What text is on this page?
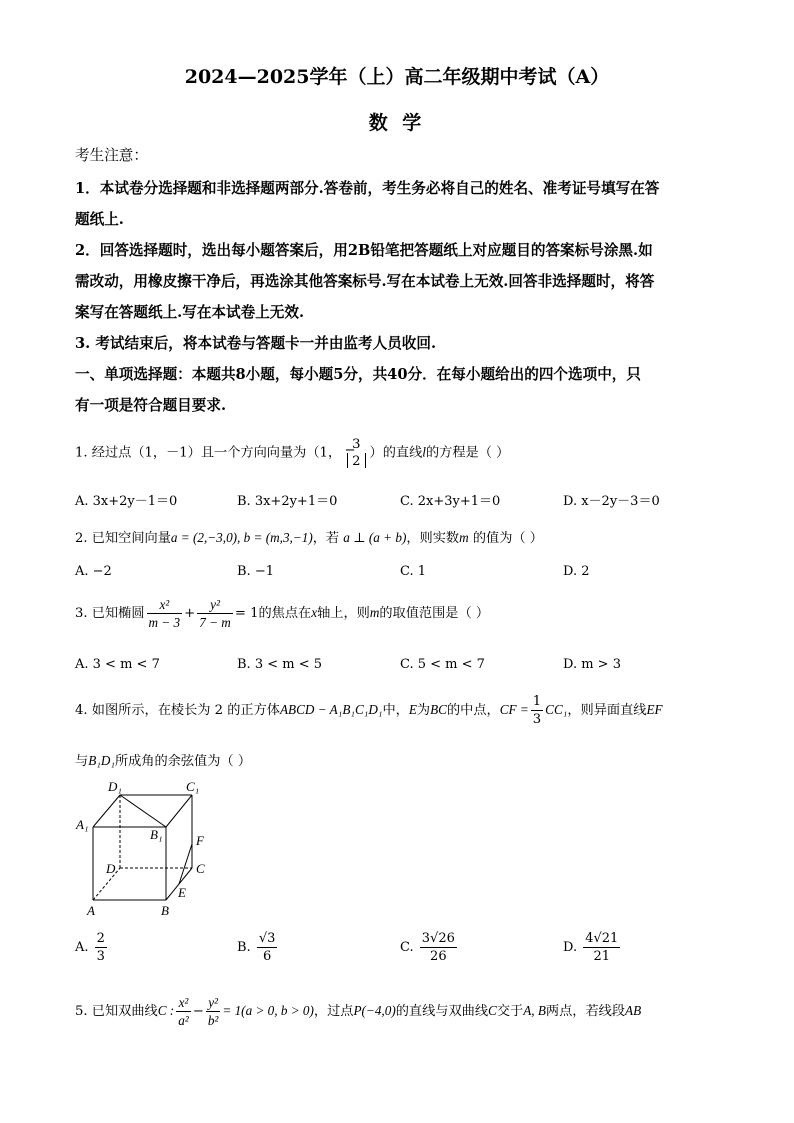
2024—2025学年（上）高二年级期中考试（A）
数 学
考生注意：
1．本试卷分选择题和非选择题两部分.答卷前，考生务必将自己的姓名、准考证号填写在答
题纸上.
2．回答选择题时，选出每小题答案后，用2B铅笔把答题纸上对应题目的答案标号涂黑.如
需改动，用橡皮擦干净后，再选涂其他答案标号.写在本试卷上无效.回答非选择题时，将答
案写在答题纸上.写在本试卷上无效.
3. 考试结束后，将本试卷与答题卡一并由监考人员收回.
一、单项选择题：本题共8小题，每小题5分，共40分．在每小题给出的四个选项中，只
有一项是符合题目要求.
1. 经过点（1，－1）且一个方向向量为（1， −
3
2
）的直线l的方程是（ ）
A. 3x+2y－1＝0	B. 3x+2y+1＝0	C. 2x+3y+1＝0	D. x－2y－3＝0
2. 已知空间向量a = (2,−3,0), b = (m,3,−1)，若 a ⊥ (a + b)，则实数m 的值为（ ）
A. −2	B. −1	C. 1	D. 2
3. 已知椭圆 $\frac{\text{x²}}{m - 3} + \frac{\text{y²}}{7 - m} = 1$的焦点在x轴上，则m的取值范围是（ ）
A. 3 < m < 7	B. 3 < m < 5	C. 5 < m < 7	D. m > 3
4. 如图所示，在棱长为 2 的正方体ABCD − A₁B₁C₁D₁中，E为BC的中点，CF = $\frac{1}{3} CC_1$，则异面直线EF
与B₁D₁所成角的余弦值为（ ）
D₁	C₁
A₁
B₁	F
D	C
E
A	B
A. $\frac{2}{3}$	B. $\frac{√3}{6}$	C. $\frac{3√26}{26}$	D. $\frac{4√21}{21}$
5. 已知双曲线C : $\frac{\text{x²}}{\text{a²}} - \frac{\text{y²}}{\text{b²}} = 1(a > 0$, b > 0)，过点P(−4,0)的直线与双曲线C交于A, B两点，若线段AB
